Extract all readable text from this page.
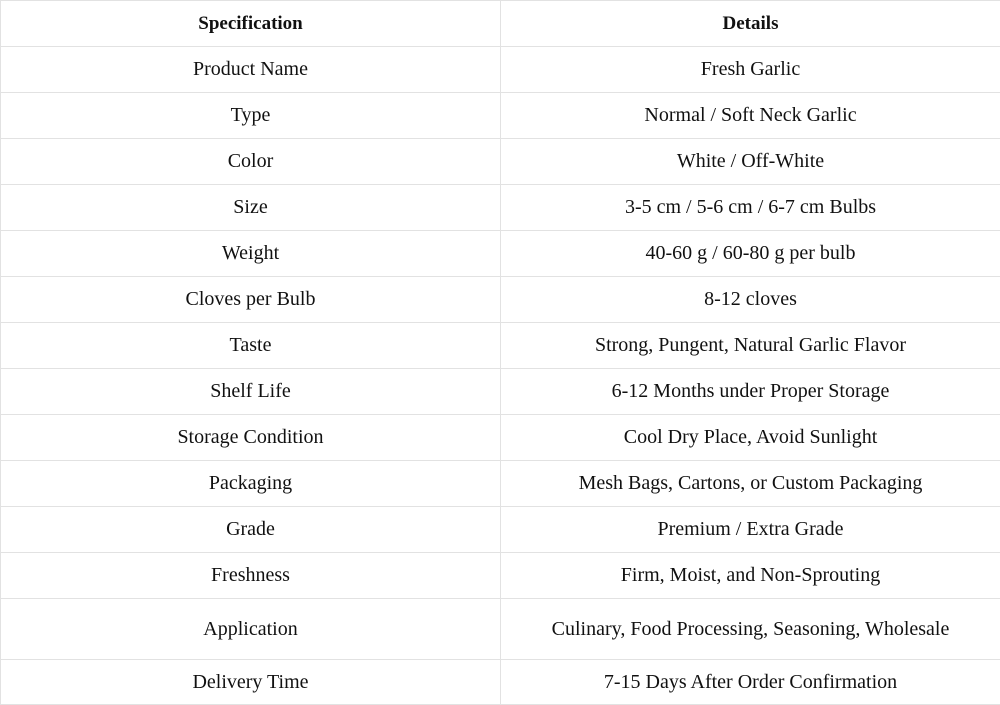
Specification	Details
Product Name	Fresh Garlic
Type	Normal / Soft Neck Garlic
Color	White / Off-White
Size	3-5 cm / 5-6 cm / 6-7 cm Bulbs
Weight	40-60 g / 60-80 g per bulb
Cloves per Bulb	8-12 cloves
Taste	Strong, Pungent, Natural Garlic Flavor
Shelf Life	6-12 Months under Proper Storage
Storage Condition	Cool Dry Place, Avoid Sunlight
Packaging	Mesh Bags, Cartons, or Custom Packaging
Grade	Premium / Extra Grade
Freshness	Firm, Moist, and Non-Sprouting
Application	Culinary, Food Processing, Seasoning, Wholesale
Delivery Time	7-15 Days After Order Confirmation
